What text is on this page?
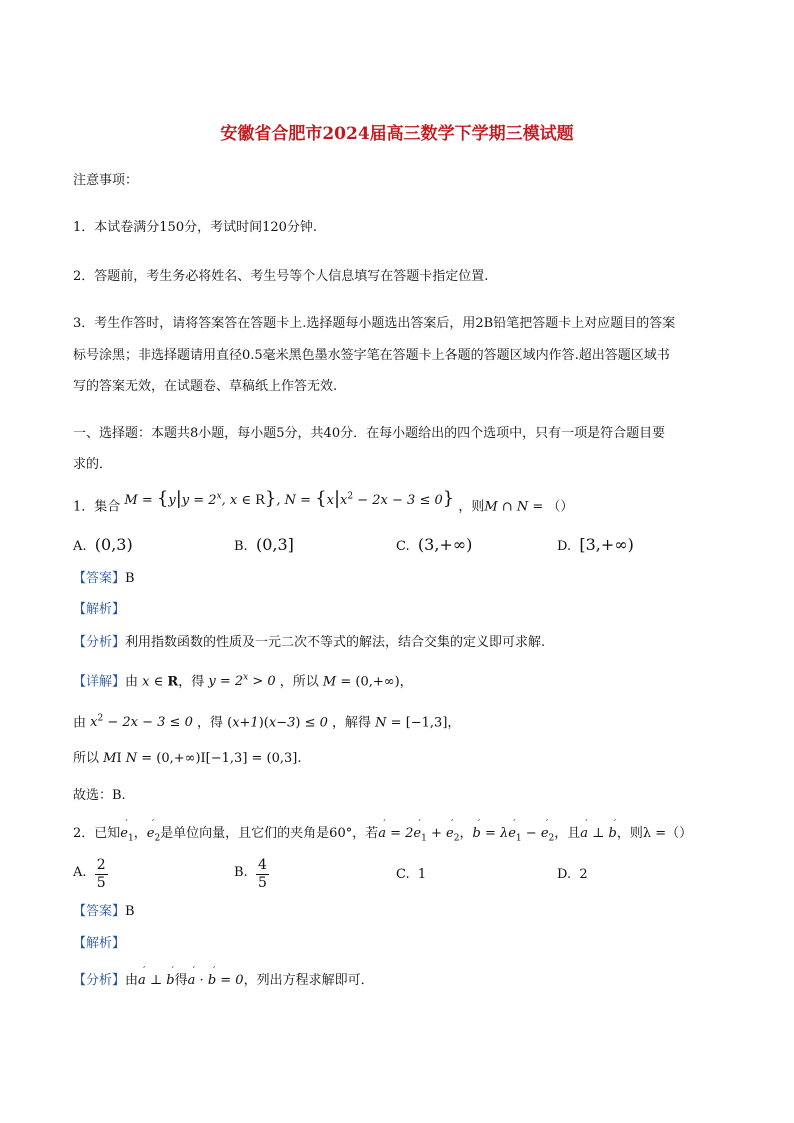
安徽省合肥市2024届高三数学下学期三模试题
注意事项：
1．本试卷满分150分，考试时间120分钟.
2．答题前，考生务必将姓名、考生号等个人信息填写在答题卡指定位置.
3．考生作答时，请将答案答在答题卡上.选择题每小题选出答案后，用2B铅笔把答题卡上对应题目的答案
标号涂黑；非选择题请用直径0.5毫米黑色墨水签字笔在答题卡上各题的答题区域内作答.超出答题区域书
写的答案无效，在试题卷、草稿纸上作答无效.
一、选择题：本题共8小题，每小题5分，共40分．在每小题给出的四个选项中，只有一项是符合题目要
求的．
1．集合 $M = \{y|y = 2^x$, x ∈ R}, $N = \{x|x^2 - 2x - 3 \le 0\}$ ，则M ∩ N = （）
A. (0,3)	B. (0,3]	C. (3,+∞)	D. [3,+∞)
【答案】B
【解析】
【分析】利用指数函数的性质及一元二次不等式的解法，结合交集的定义即可求解.
【详解】由 x ∈ R，得 $y = 2^x > 0$ ，所以 M = (0,+∞)，
由 $x^2 - 2x - 3 \le 0$ ，得 (x+1)(x−3) ≤ 0 ，解得 N = [−1,3]，
所以 MⅠ N = (0,+∞)Ⅰ[−1,3] = (0,3].
故选：B.
2．已知´ $e_1$，´ $e_2$是单位向量，且它们的夹角是60°，若´ a = 2´ $e_1$ + ´ $e_2$，´ b = λ´ $e_1$ − ´ $e_2$，且´ a ⊥ ´ b，则λ =（）
A. $\frac{2}{5}$	B. $\frac{4}{5}$	C. 1	D. 2
【答案】B
【解析】
【分析】由´ a ⊥ ´ b得´ a · ´ b = 0，列出方程求解即可．
